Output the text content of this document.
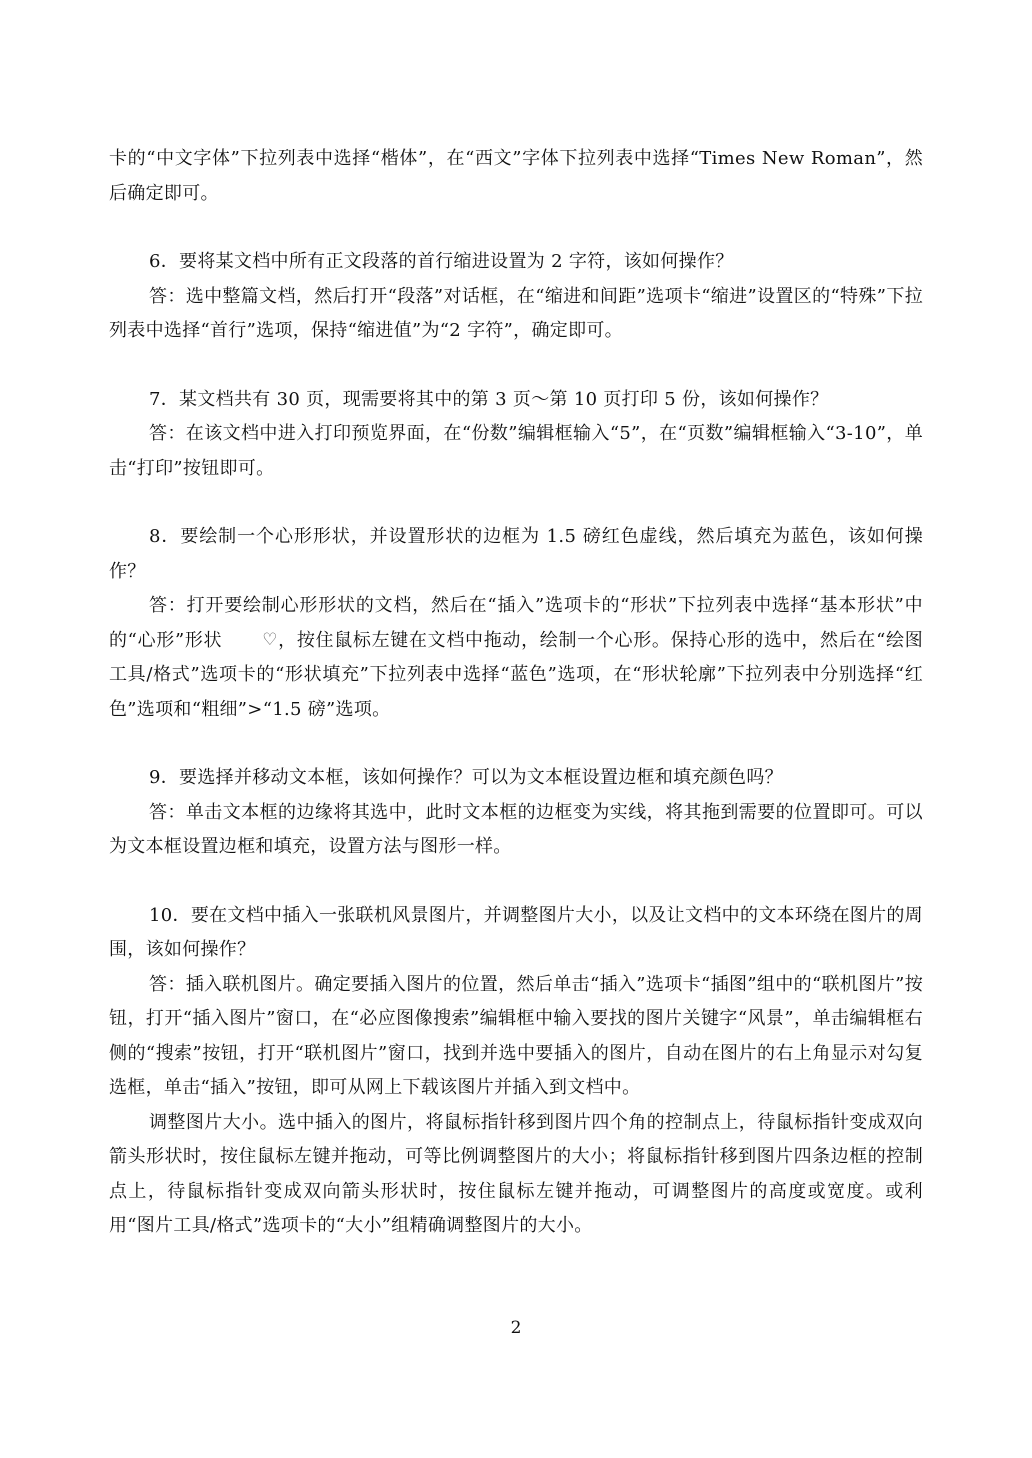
卡的“中文字体”下拉列表中选择“楷体”，在“西文”字体下拉列表中选择“Times New Roman”，然后确定即可。

6．要将某文档中所有正文段落的首行缩进设置为 2 字符，该如何操作？

答：选中整篇文档，然后打开“段落”对话框，在“缩进和间距”选项卡“缩进”设置区的“特殊”下拉列表中选择“首行”选项，保持“缩进值”为“2 字符”，确定即可。

7．某文档共有 30 页，现需要将其中的第 3 页～第 10 页打印 5 份，该如何操作？

答：在该文档中进入打印预览界面，在“份数”编辑框输入“5”，在“页数”编辑框输入“3-10”，单击“打印”按钮即可。

8．要绘制一个心形形状，并设置形状的边框为 1.5 磅红色虚线，然后填充为蓝色，该如何操作？

答：打开要绘制心形形状的文档，然后在“插入”选项卡的“形状”下拉列表中选择“基本形状”中的“心形”形状 ♡，按住鼠标左键在文档中拖动，绘制一个心形。保持心形的选中，然后在“绘图工具/格式”选项卡的“形状填充”下拉列表中选择“蓝色”选项，在“形状轮廓”下拉列表中分别选择“红色”选项和“粗细”>“1.5 磅”选项。

9．要选择并移动文本框，该如何操作？可以为文本框设置边框和填充颜色吗？

答：单击文本框的边缘将其选中，此时文本框的边框变为实线，将其拖到需要的位置即可。可以为文本框设置边框和填充，设置方法与图形一样。

10．要在文档中插入一张联机风景图片，并调整图片大小，以及让文档中的文本环绕在图片的周围，该如何操作？

答：插入联机图片。确定要插入图片的位置，然后单击“插入”选项卡“插图”组中的“联机图片”按钮，打开“插入图片”窗口，在“必应图像搜索”编辑框中输入要找的图片关键字“风景”，单击编辑框右侧的“搜索”按钮，打开“联机图片”窗口，找到并选中要插入的图片，自动在图片的右上角显示对勾复选框，单击“插入”按钮，即可从网上下载该图片并插入到文档中。

调整图片大小。选中插入的图片，将鼠标指针移到图片四个角的控制点上，待鼠标指针变成双向箭头形状时，按住鼠标左键并拖动，可等比例调整图片的大小；将鼠标指针移到图片四条边框的控制点上，待鼠标指针变成双向箭头形状时，按住鼠标左键并拖动，可调整图片的高度或宽度。或利用“图片工具/格式”选项卡的“大小”组精确调整图片的大小。

2
